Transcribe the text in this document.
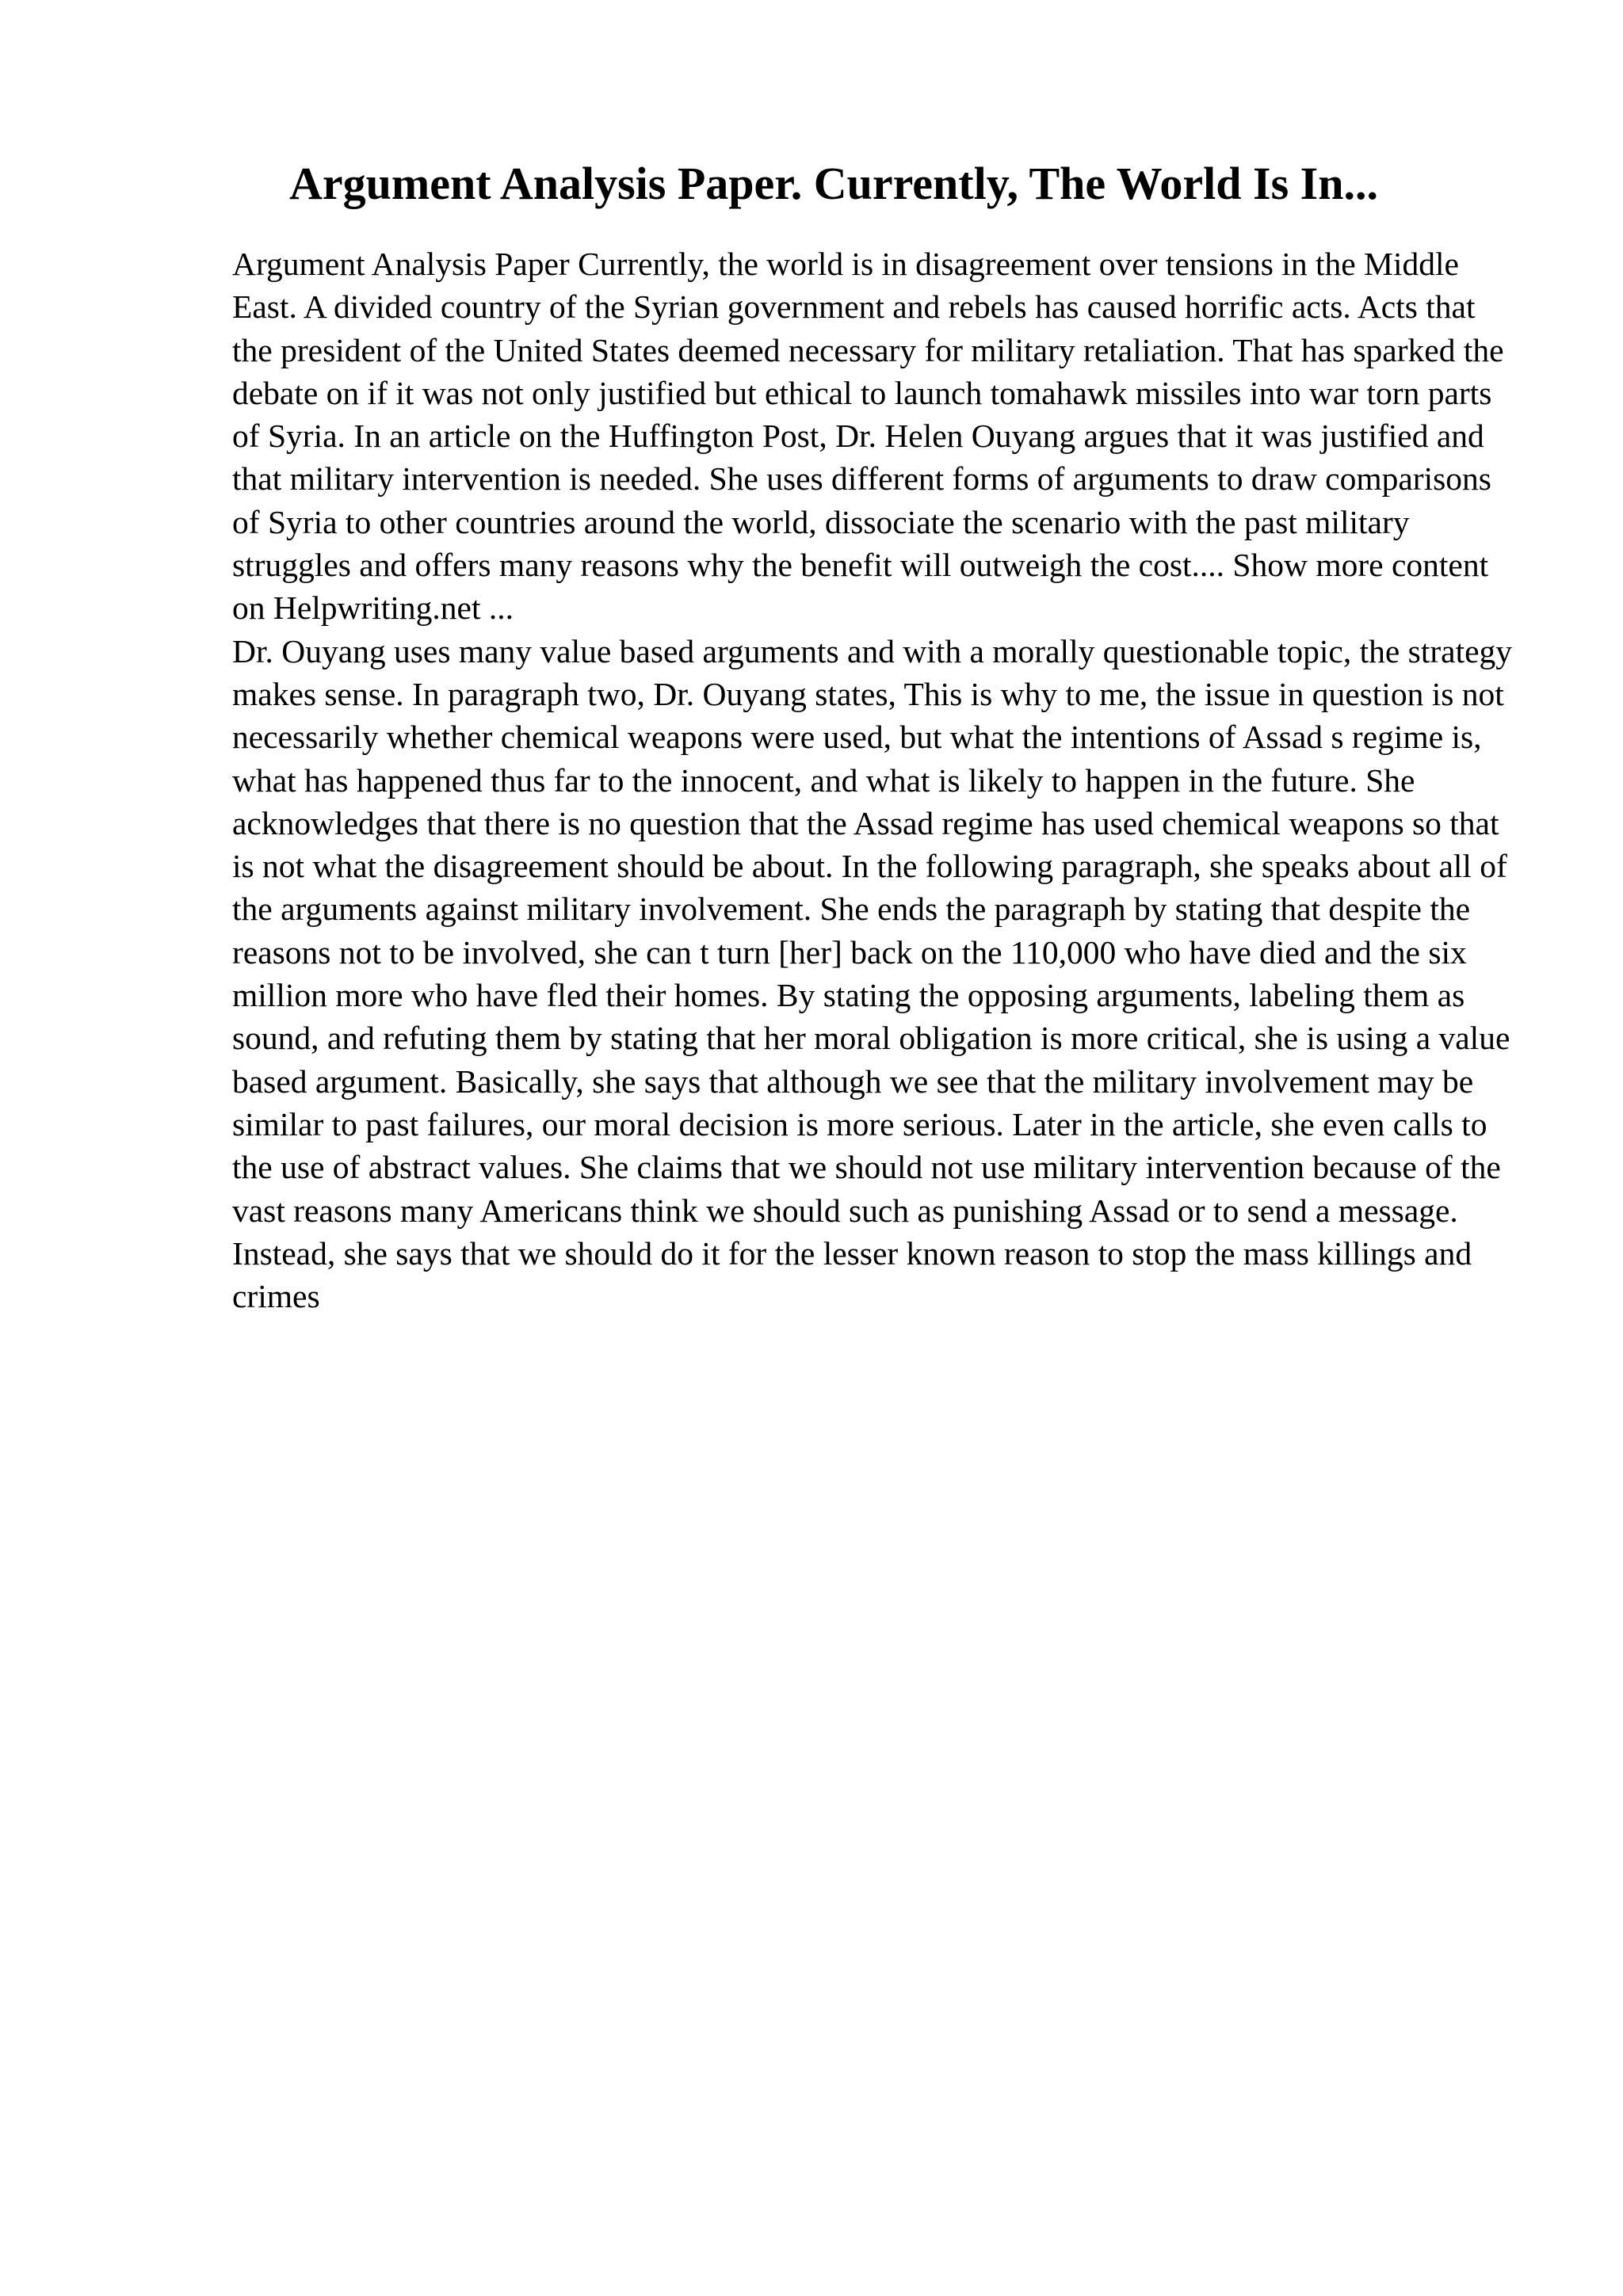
Argument Analysis Paper. Currently, The World Is In...

Argument Analysis Paper Currently, the world is in disagreement over tensions in the Middle East. A divided country of the Syrian government and rebels has caused horrific acts. Acts that the president of the United States deemed necessary for military retaliation. That has sparked the debate on if it was not only justified but ethical to launch tomahawk missiles into war torn parts of Syria. In an article on the Huffington Post, Dr. Helen Ouyang argues that it was justified and that military intervention is needed. She uses different forms of arguments to draw comparisons of Syria to other countries around the world, dissociate the scenario with the past military struggles and offers many reasons why the benefit will outweigh the cost.... Show more content on Helpwriting.net ...

Dr. Ouyang uses many value based arguments and with a morally questionable topic, the strategy makes sense. In paragraph two, Dr. Ouyang states, This is why to me, the issue in question is not necessarily whether chemical weapons were used, but what the intentions of Assad s regime is, what has happened thus far to the innocent, and what is likely to happen in the future. She acknowledges that there is no question that the Assad regime has used chemical weapons so that is not what the disagreement should be about. In the following paragraph, she speaks about all of the arguments against military involvement. She ends the paragraph by stating that despite the reasons not to be involved, she can t turn [her] back on the 110,000 who have died and the six million more who have fled their homes. By stating the opposing arguments, labeling them as sound, and refuting them by stating that her moral obligation is more critical, she is using a value based argument. Basically, she says that although we see that the military involvement may be similar to past failures, our moral decision is more serious. Later in the article, she even calls to the use of abstract values. She claims that we should not use military intervention because of the vast reasons many Americans think we should such as punishing Assad or to send a message. Instead, she says that we should do it for the lesser known reason to stop the mass killings and crimes
